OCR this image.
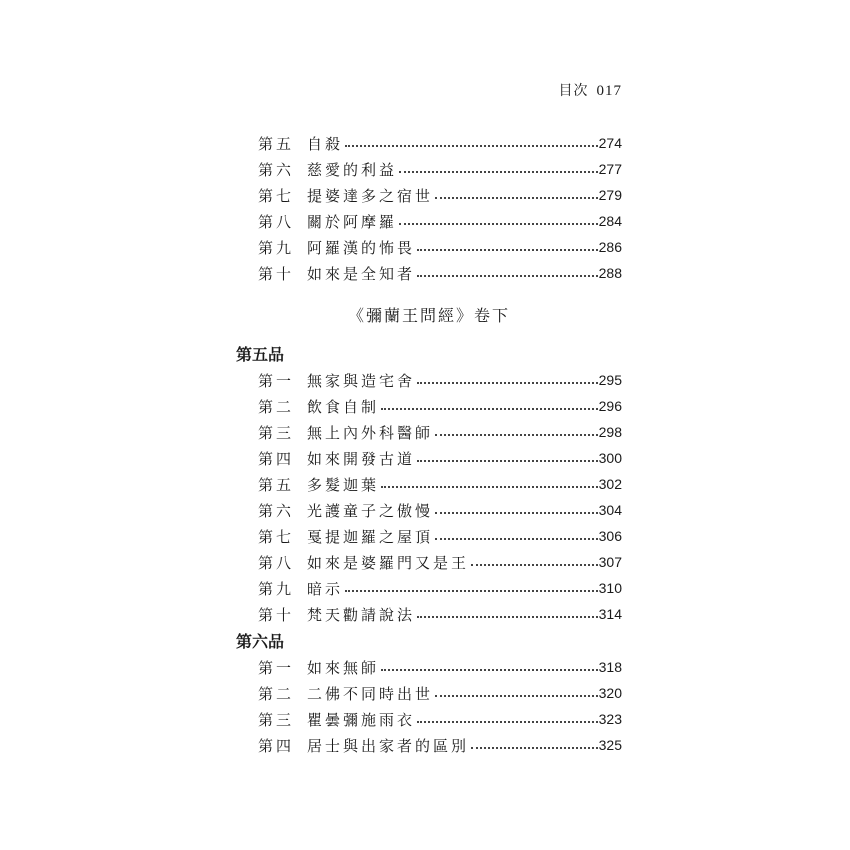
目次 017
《彌蘭王問經》卷下
第五品
第六品
第五 自殺	274
第六 慈愛的利益	277
第七 提婆達多之宿世	279
第八 關於阿摩羅	284
第九 阿羅漢的怖畏	286
第十 如來是全知者	288
第一 無家與造宅舍	295
第二 飲食自制	296
第三 無上內外科醫師	298
第四 如來開發古道	300
第五 多髮迦葉	302
第六 光護童子之傲慢	304
第七 戛提迦羅之屋頂	306
第八 如來是婆羅門又是王	307
第九 暗示	310
第十 梵天勸請說法	314
第一 如來無師	318
第二 二佛不同時出世	320
第三 瞿曇彌施雨衣	323
第四 居士與出家者的區別	325
